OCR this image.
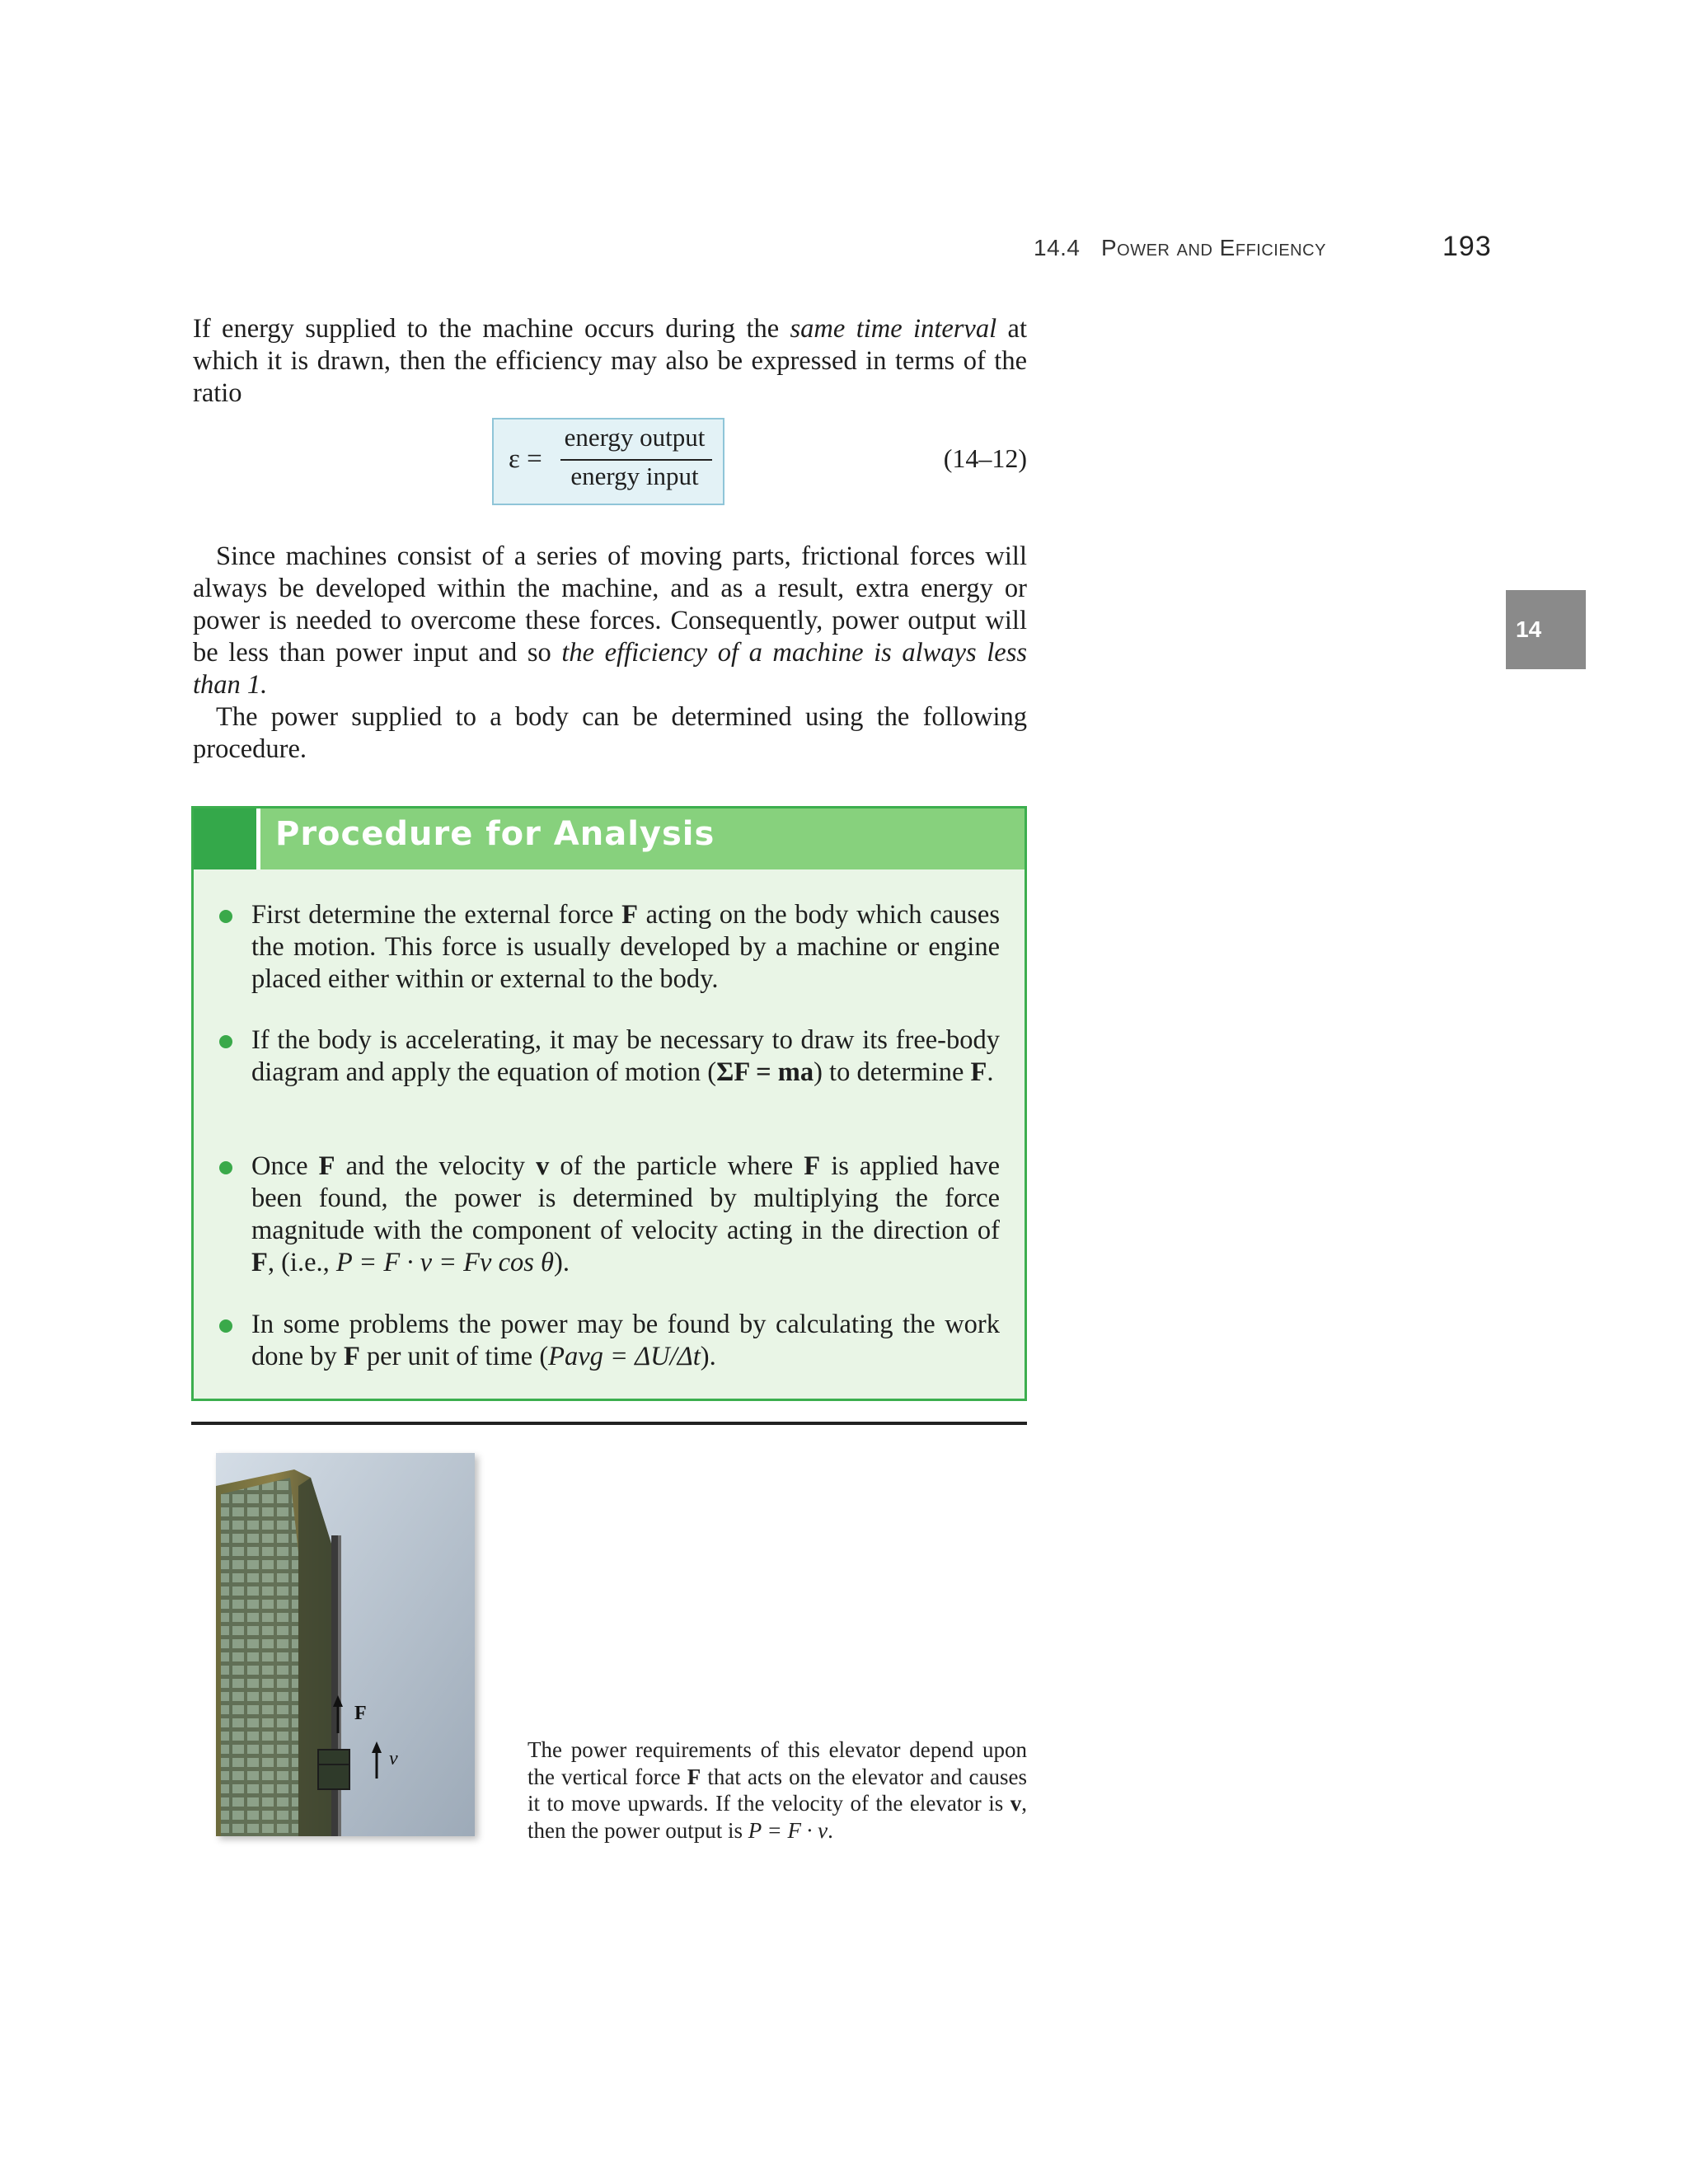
14.4 Power and Efficiency	193
If energy supplied to the machine occurs during the same time interval at which it is drawn, then the efficiency may also be expressed in terms of the ratio
ε =
energy output
energy input
(14–12)
14
Since machines consist of a series of moving parts, frictional forces will always be developed within the machine, and as a result, extra energy or power is needed to overcome these forces. Consequently, power output will be less than power input and so the efficiency of a machine is always less than 1.
The power supplied to a body can be determined using the following procedure.
Procedure for Analysis
First determine the external force F acting on the body which causes the motion. This force is usually developed by a machine or engine placed either within or external to the body.
If the body is accelerating, it may be necessary to draw its free-body diagram and apply the equation of motion (ΣF = ma) to determine F.
Once F and the velocity v of the particle where F is applied have been found, the power is determined by multiplying the force magnitude with the component of velocity acting in the direction of F, (i.e., P = F · v = Fv cos θ).
In some problems the power may be found by calculating the work done by F per unit of time (Pavg = ΔU/Δt).
F
v	The power requirements of this elevator depend upon the vertical force F that acts on the elevator and causes it to move upwards. If the velocity of the elevator is v, then the power output is P = F · v.
